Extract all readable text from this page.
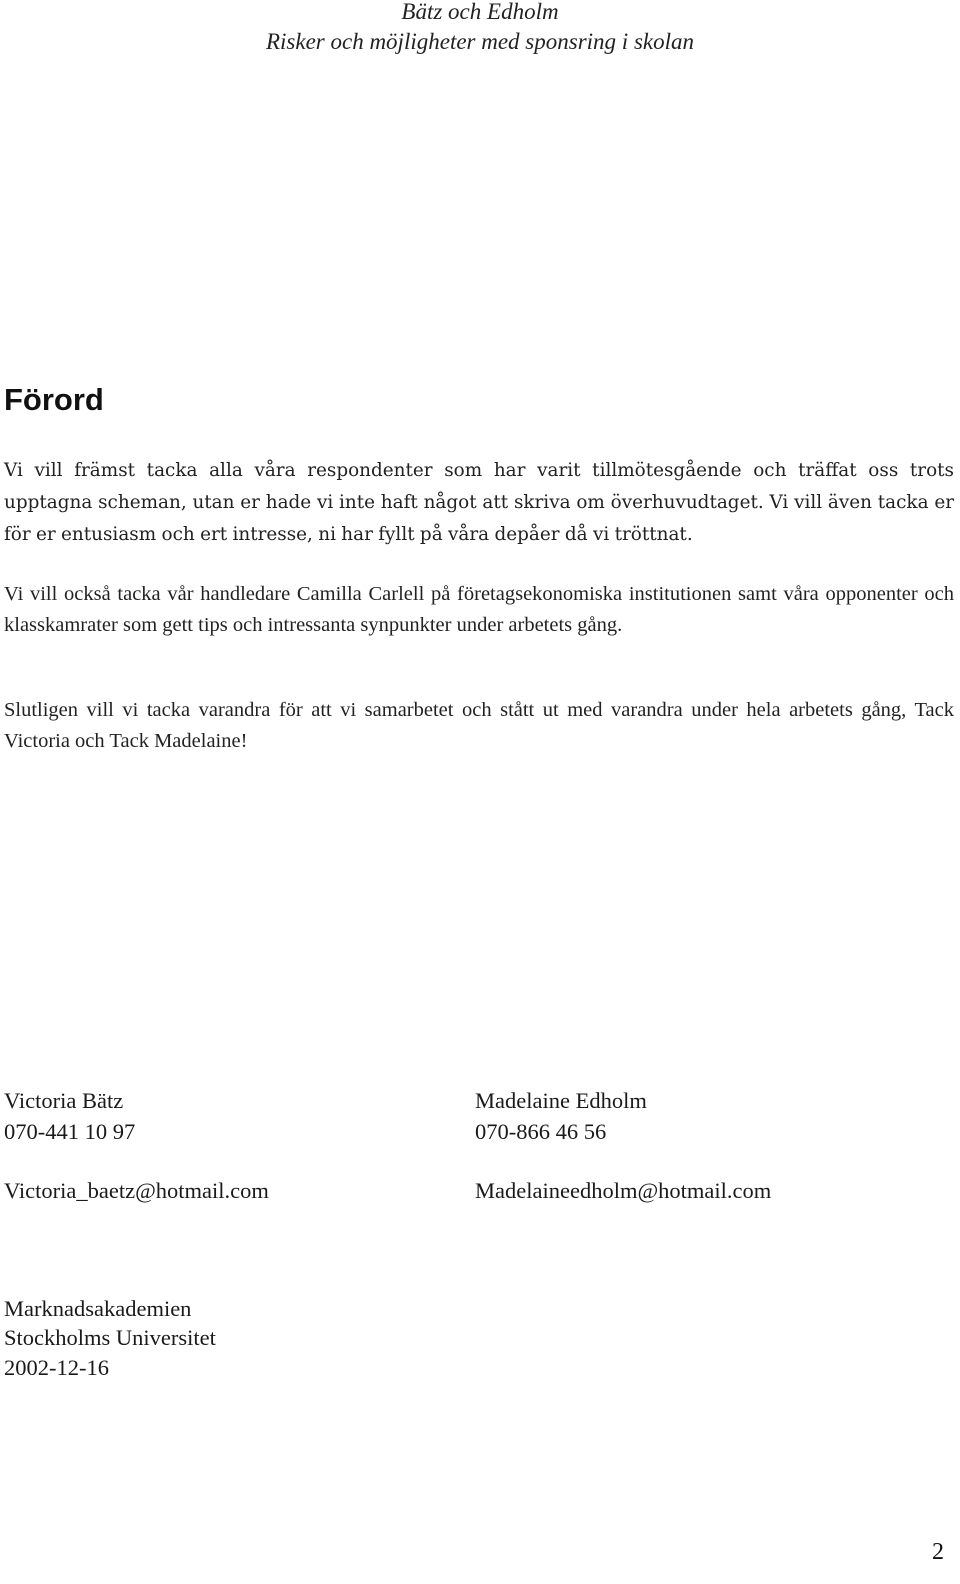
Bätz och Edholm
Risker och möjligheter med sponsring i skolan
Förord

Vi vill främst tacka alla våra respondenter som har varit tillmötesgående och träffat oss trots upptagna scheman, utan er hade vi inte haft något att skriva om överhuvudtaget. Vi vill även tacka er för er entusiasm och ert intresse, ni har fyllt på våra depåer då vi tröttnat.

Vi vill också tacka vår handledare Camilla Carlell på företagsekonomiska institutionen samt våra opponenter och klasskamrater som gett tips och intressanta synpunkter under arbetets gång.

Slutligen vill vi tacka varandra för att vi samarbetet och stått ut med varandra under hela arbetets gång, Tack Victoria och Tack Madelaine!

Victoria Bätz
070-441 10 97
Victoria_baetz@hotmail.com
Madelaine Edholm
070-866 46 56
Madelaineedholm@hotmail.com
Marknadsakademien
Stockholms Universitet
2002-12-16
2
